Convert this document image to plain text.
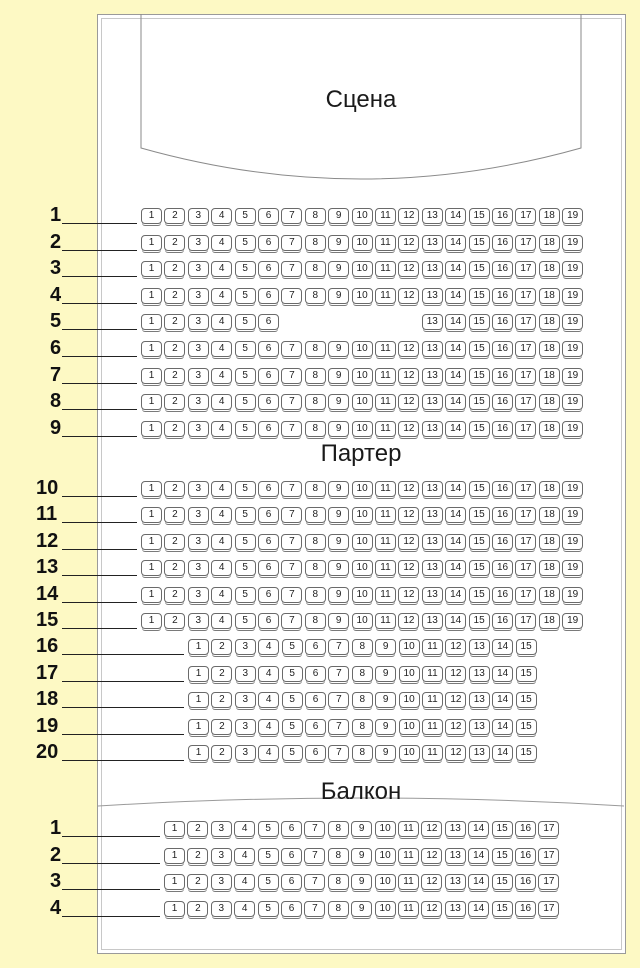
Сцена
Партер
Балкон
1	1	2	3	4	5	6	7	8	9	10	11	12	13	14	15	16	17	18	19
2	1	2	3	4	5	6	7	8	9	10	11	12	13	14	15	16	17	18	19
3	1	2	3	4	5	6	7	8	9	10	11	12	13	14	15	16	17	18	19
4	1	2	3	4	5	6	7	8	9	10	11	12	13	14	15	16	17	18	19
5	1	2	3	4	5	6	13	14	15	16	17	18	19
6	1	2	3	4	5	6	7	8	9	10	11	12	13	14	15	16	17	18	19
7	1	2	3	4	5	6	7	8	9	10	11	12	13	14	15	16	17	18	19
8	1	2	3	4	5	6	7	8	9	10	11	12	13	14	15	16	17	18	19
9	1	2	3	4	5	6	7	8	9	10	11	12	13	14	15	16	17	18	19
10	1	2	3	4	5	6	7	8	9	10	11	12	13	14	15	16	17	18	19
11	1	2	3	4	5	6	7	8	9	10	11	12	13	14	15	16	17	18	19
12	1	2	3	4	5	6	7	8	9	10	11	12	13	14	15	16	17	18	19
13	1	2	3	4	5	6	7	8	9	10	11	12	13	14	15	16	17	18	19
14	1	2	3	4	5	6	7	8	9	10	11	12	13	14	15	16	17	18	19
15	1	2	3	4	5	6	7	8	9	10	11	12	13	14	15	16	17	18	19
16	1	2	3	4	5	6	7	8	9	10	11	12	13	14	15
17	1	2	3	4	5	6	7	8	9	10	11	12	13	14	15
18	1	2	3	4	5	6	7	8	9	10	11	12	13	14	15
19	1	2	3	4	5	6	7	8	9	10	11	12	13	14	15
20	1	2	3	4	5	6	7	8	9	10	11	12	13	14	15
1	1	2	3	4	5	6	7	8	9	10	11	12	13	14	15	16	17
2	1	2	3	4	5	6	7	8	9	10	11	12	13	14	15	16	17
3	1	2	3	4	5	6	7	8	9	10	11	12	13	14	15	16	17
4	1	2	3	4	5	6	7	8	9	10	11	12	13	14	15	16	17
